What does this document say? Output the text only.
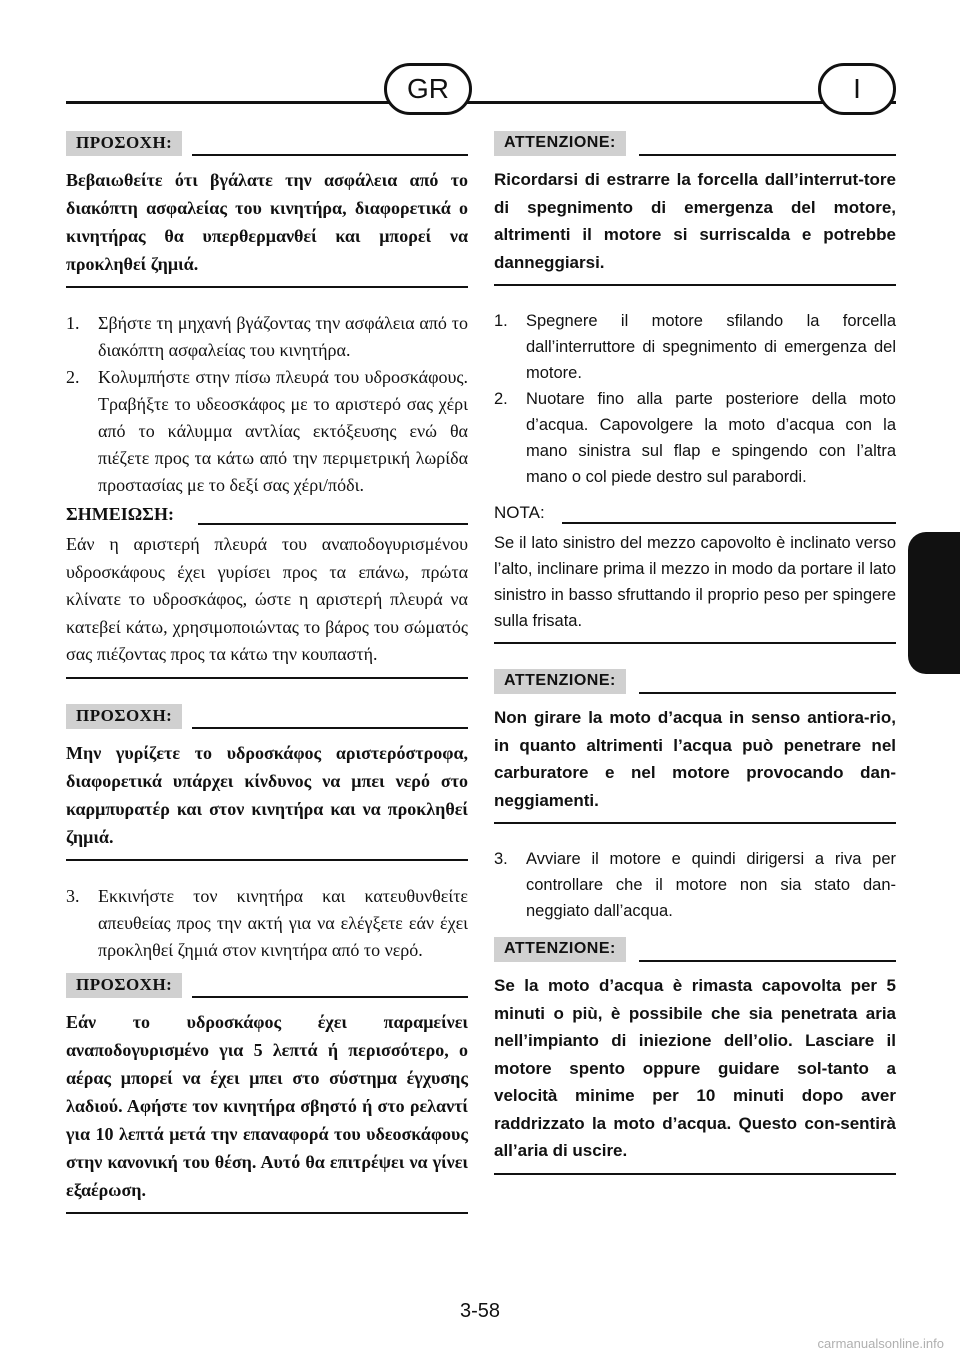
GR	I
ΠΡΟΣΟΧΗ:
Βεβαιωθείτε ότι βγάλατε την ασφάλεια από το διακόπτη ασφαλείας του κινητήρα, διαφορετικά ο κινητήρας θα υπερθερμανθεί και μπορεί να προκληθεί ζημιά.
1. Σβήστε τη μηχανή βγάζοντας την ασφάλεια από το διακόπτη ασφαλείας του κινητήρα.
2. Κολυμπήστε στην πίσω πλευρά του υδροσκάφους. Τραβήξτε το υδεοσκάφος με το αριστερό σας χέρι από το κάλυμμα αντλίας εκτόξευσης ενώ θα πιέζετε προς τα κάτω από την περιμετρική λωρίδα προστασίας με το δεξί σας χέρι/πόδι.
ΣΗΜΕΙΩΣΗ:
Εάν η αριστερή πλευρά του αναποδογυρισμένου υδροσκάφους έχει γυρίσει προς τα επάνω, πρώτα κλίνατε το υδροσκάφος, ώστε η αριστερή πλευρά να κατεβεί κάτω, χρησιμοποιώντας το βάρος του σώματός σας πιέζοντας προς τα κάτω την κουπαστή.
ΠΡΟΣΟΧΗ:
Μην γυρίζετε το υδροσκάφος αριστερόστροφα, διαφορετικά υπάρχει κίνδυνος να μπει νερό στο καρμπυρατέρ και στον κινητήρα και να προκληθεί ζημιά.
3. Εκκινήστε τον κινητήρα και κατευθυνθείτε απευθείας προς την ακτή για να ελέγξετε εάν έχει προκληθεί ζημιά στον κινητήρα από το νερό.
ΠΡΟΣΟΧΗ:
Εάν το υδροσκάφος έχει παραμείνει αναποδογυρισμένο για 5 λεπτά ή περισσότερο, ο αέρας μπορεί να έχει μπει στο σύστημα έγχυσης λαδιού. Αφήστε τον κινητήρα σβηστό ή στο ρελαντί για 10 λεπτά μετά την επαναφορά του υδεοσκάφους στην κανονική του θέση. Αυτό θα επιτρέψει να γίνει εξαέρωση.
ATTENZIONE:
Ricordarsi di estrarre la forcella dall’interrut-tore di spegnimento di emergenza del motore, altrimenti il motore si surriscalda e potrebbe danneggiarsi.
1. Spegnere il motore sfilando la forcella dall’interruttore di spegnimento di emergenza del motore.
2. Nuotare fino alla parte posteriore della moto d’acqua. Capovolgere la moto d’acqua con la mano sinistra sul flap e spingendo con l’altra mano o col piede destro sul parabordi.
NOTA:
Se il lato sinistro del mezzo capovolto è inclinato verso l’alto, inclinare prima il mezzo in modo da portare il lato sinistro in basso sfruttando il proprio peso per spingere sulla frisata.
ATTENZIONE:
Non girare la moto d’acqua in senso antiora-rio, in quanto altrimenti l’acqua può penetrare nel carburatore e nel motore provocando dan-neggiamenti.
3. Avviare il motore e quindi dirigersi a riva per controllare che il motore non sia stato dan-neggiato dall’acqua.
ATTENZIONE:
Se la moto d’acqua è rimasta capovolta per 5 minuti o più, è possibile che sia penetrata aria nell’impianto di iniezione dell’olio. Lasciare il motore spento oppure guidare sol-tanto a velocità minime per 10 minuti dopo aver raddrizzato la moto d’acqua. Questo con-sentirà all’aria di uscire.
3-58
carmanualsonline.info
